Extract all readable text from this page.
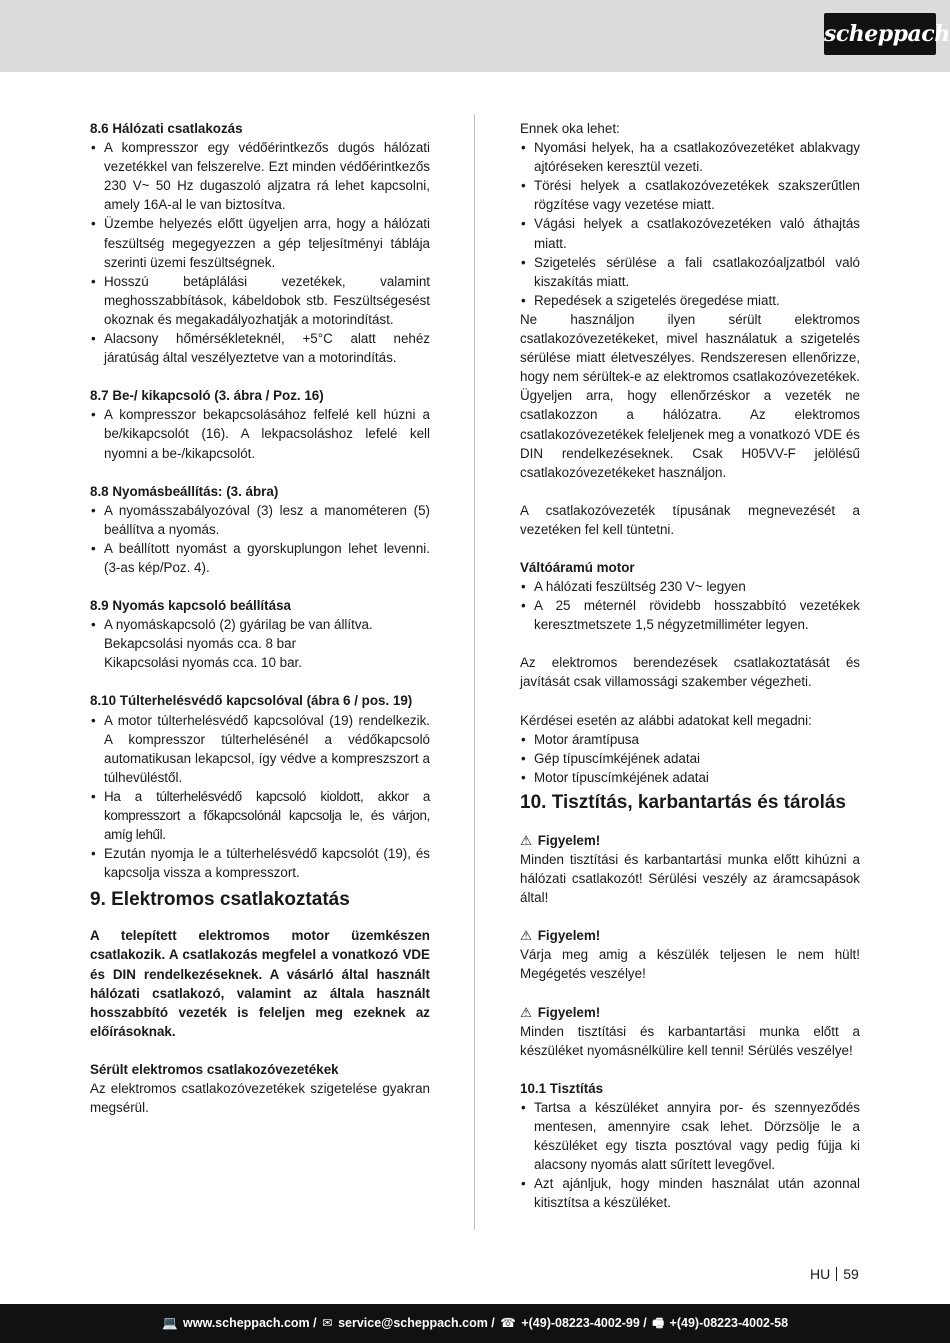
scheppach

8.6 Hálózati csatlakozás

• A kompresszor egy védőérintkezős dugós hálózati vezetékkel van felszerelve. Ezt minden védőérintkezős 230 V~ 50 Hz dugaszoló aljzatra rá lehet kapcsolni, amely 16A-al le van biztosítva.
• Üzembe helyezés előtt ügyeljen arra, hogy a hálózati feszültség megegyezzen a gép teljesítményi táblája szerinti üzemi feszültségnek.
• Hosszú betáplálási vezetékek, valamint meghosszabbítások, kábeldobok stb. Feszültségesést okoznak és megakadályozhatják a motorindítást.
• Alacsony hőmérsékleteknél, +5°C alatt nehéz járatúság által veszélyeztetve van a motorindítás.

8.7 Be-/ kikapcsoló (3. ábra / Poz. 16)

• A kompresszor bekapcsolásához felfelé kell húzni a be/kikapcsolót (16). A lekpacsoláshoz lefelé kell nyomni a be-/kikapcsolót.

8.8 Nyomásbeállítás: (3. ábra)

• A nyomásszabályozóval (3) lesz a manométeren (5) beállítva a nyomás.
• A beállított nyomást a gyorskuplungon lehet levenni. (3-as kép/Poz. 4).

8.9 Nyomás kapcsoló beállítása

• A nyomáskapcsoló (2) gyárilag be van állítva.

Bekapcsolási nyomás cca. 8 bar

Kikapcsolási nyomás cca. 10 bar.

8.10 Túlterhelésvédő kapcsolóval (ábra 6 / pos. 19)

• A motor túlterhelésvédő kapcsolóval (19) rendelkezik. A kompresszor túlterhelésénél a védőkapcsoló automatikusan lekapcsol, így védve a kompreszszort a túlhevüléstől.
• Ha a túlterhelésvédő kapcsoló kioldott, akkor a kompresszort a főkapcsolónál kapcsolja le, és várjon, amíg lehűl.
• Ezután nyomja le a túlterhelésvédő kapcsolót (19), és kapcsolja vissza a kompresszort.

9. Elektromos csatlakoztatás

A telepített elektromos motor üzemkészen csatlakozik. A csatlakozás megfelel a vonatkozó VDE és DIN rendelkezéseknek. A vásárló által használt hálózati csatlakozó, valamint az általa használt hosszabbító vezeték is feleljen meg ezeknek az előírásoknak.

Sérült elektromos csatlakozóvezetékek

Az elektromos csatlakozóvezetékek szigetelése gyakran megsérül.

Ennek oka lehet:

• Nyomási helyek, ha a csatlakozóvezetéket ablakvagy ajtóréseken keresztül vezeti.
• Törési helyek a csatlakozóvezetékek szakszerűtlen rögzítése vagy vezetése miatt.
• Vágási helyek a csatlakozóvezetéken való áthajtás miatt.
• Szigetelés sérülése a fali csatlakozóaljzatból való kiszakítás miatt.
• Repedések a szigetelés öregedése miatt.

Ne használjon ilyen sérült elektromos csatlakozóvezetékeket, mivel használatuk a szigetelés sérülése miatt életveszélyes. Rendszeresen ellenőrizze, hogy nem sérültek-e az elektromos csatlakozóvezetékek. Ügyeljen arra, hogy ellenőrzéskor a vezeték ne csatlakozzon a hálózatra. Az elektromos csatlakozóvezetékek feleljenek meg a vonatkozó VDE és DIN rendelkezéseknek. Csak H05VV-F jelölésű csatlakozóvezetékeket használjon.

A csatlakozóvezeték típusának megnevezését a vezetéken fel kell tüntetni.

Váltóáramú motor

• A hálózati feszültség 230 V~ legyen
• A 25 méternél rövidebb hosszabbító vezetékek keresztmetszete 1,5 négyzetmilliméter legyen.

Az elektromos berendezések csatlakoztatását és javítását csak villamossági szakember végezheti.

Kérdései esetén az alábbi adatokat kell megadni:

• Motor áramtípusa
• Gép típuscímkéjének adatai
• Motor típuscímkéjének adatai

10. Tisztítás, karbantartás és tárolás

⚠ Figyelem!

Minden tisztítási és karbantartási munka előtt kihúzni a hálózati csatlakozót! Sérülési veszély az áramcsapások által!

⚠ Figyelem!

Várja meg amig a készülék teljesen le nem hült! Megégetés veszélye!

⚠ Figyelem!

Minden tisztítási és karbantartási munka előtt a készüléket nyomásnélkülire kell tenni! Sérülés veszélye!

10.1 Tisztítás

• Tartsa a készüléket annyira por- és szennyeződés mentesen, amennyire csak lehet. Dörzsölje le a készüléket egy tiszta posztóval vagy pedig fújja ki alacsony nyomás alatt sűrített levegővel.
• Azt ajánljuk, hogy minden használat után azonnal kitisztítsa a készüléket.
HU 59
💻 www.scheppach.com / ✉ service@scheppach.com / ☎ +(49)-08223-4002-99 / 🖷 +(49)-08223-4002-58
